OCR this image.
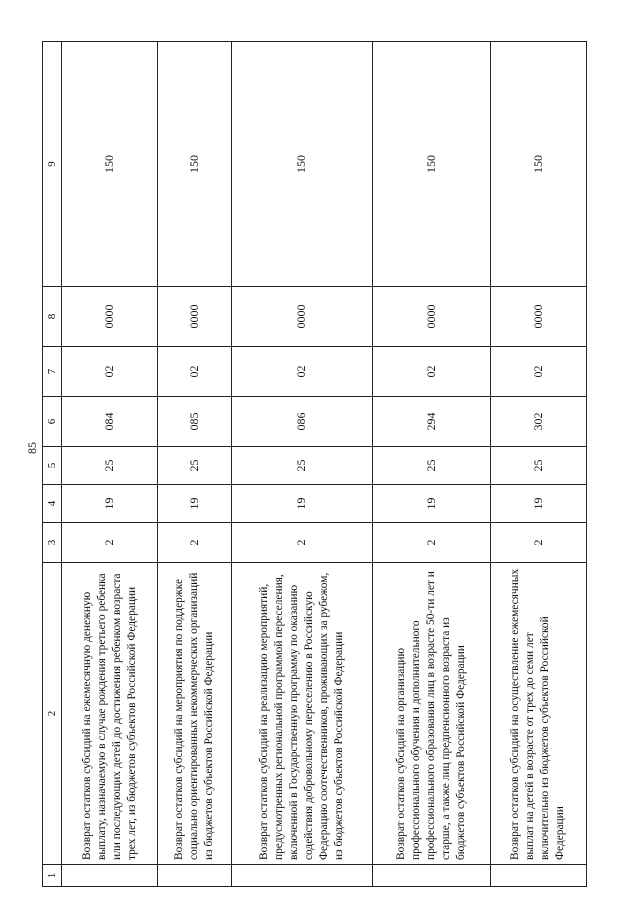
85
1	2	3	4	5	6	7	8	9
	Возврат остатков субсидий на ежемесячную денежную выплату, назначаемую в случае рождения третьего ребенка или последующих детей до достижения ребенком возраста трех лет, из бюджетов субъектов Российской Федерации	2	19	25	084	02	0000	150
	Возврат остатков субсидий на мероприятия по поддержке социально ориентированных некоммерческих организаций из бюджетов субъектов Российской Федерации	2	19	25	085	02	0000	150
	Возврат остатков субсидий на реализацию мероприятий, предусмотренных региональной программой переселения, включенной в Государственную программу по оказанию содействия добровольному переселению в Российскую Федерацию соотечественников, проживающих за рубежом, из бюджетов субъектов Российской Федерации	2	19	25	086	02	0000	150
	Возврат остатков субсидий на организацию профессионального обучения и дополнительного профессионального образования лиц в возрасте 50-ти лет и старше, а также лиц предпенсионного возраста из бюджетов субъектов Российской Федерации	2	19	25	294	02	0000	150
	Возврат остатков субсидий на осуществление ежемесячных выплат на детей в возрасте от трех до семи лет включительно из бюджетов субъектов Российской Федерации	2	19	25	302	02	0000	150
